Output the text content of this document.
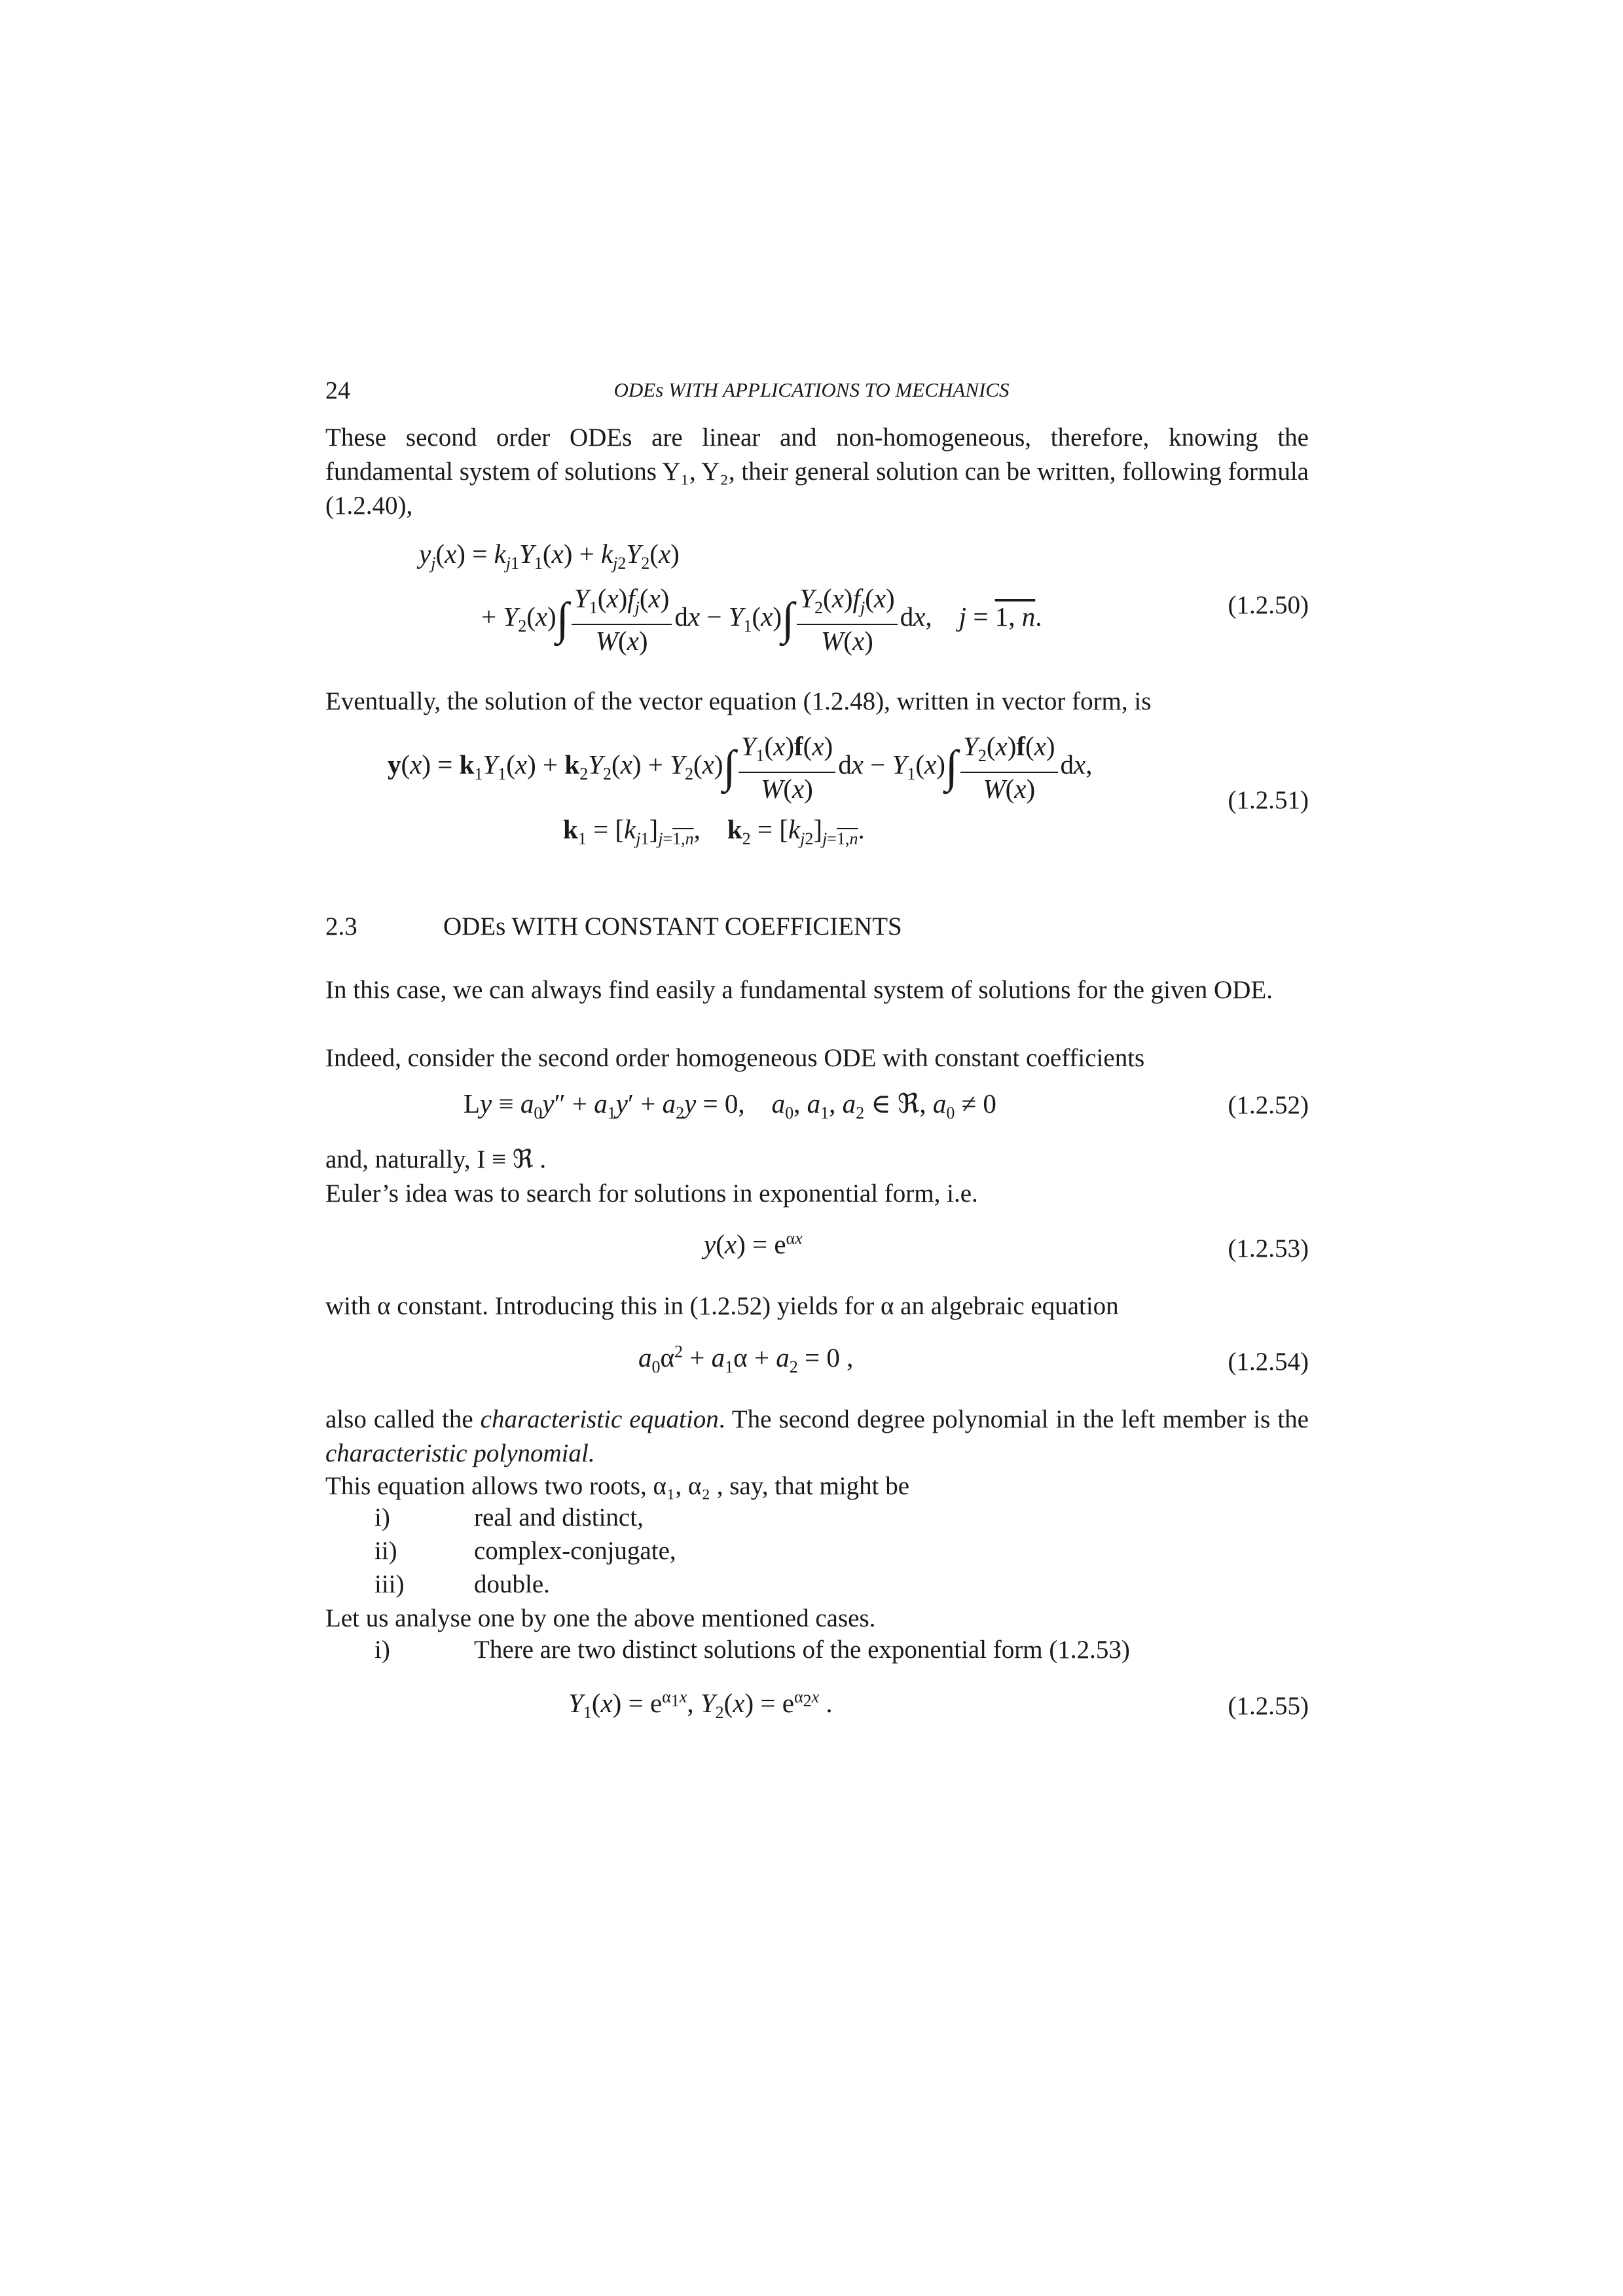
24	ODEs WITH APPLICATIONS TO MECHANICS
These second order ODEs are linear and non-homogeneous, therefore, knowing the fundamental system of solutions Y₁, Y₂, their general solution can be written, following formula (1.2.40),
$y_j(x) = k_{j1}Y_1(x) + k_{j2}Y_2(x)$
+ $Y_2(x)\int \frac{Y_1(x)f_j(x)}{W(x)}$ dx − $Y_1(x)\int \frac{Y_2(x)f_j(x)}{W(x)}$ dx,    j = 1, n.	(1.2.50)
Eventually, the solution of the vector equation (1.2.48), written in vector form, is
$y(x) = k_1Y_1(x) + k_2Y_2(x) + Y_2(x)\int \frac{Y_1(x)f(x)}{W(x)}$ dx − $Y_1(x)\int \frac{Y_2(x)f(x)}{W(x)}$ dx,
$k_1 = [k_{j1}]_{j=1,n}$,    $k_2 = [k_{j2}]_{j=1,n}$.
(1.2.51)
2.3	ODEs WITH CONSTANT COEFFICIENTS
In this case, we can always find easily a fundamental system of solutions for the given ODE.
Indeed, consider the second order homogeneous ODE with constant coefficients
$Ly \equiv a_0y'' + a_1y' + a_2y = 0$,    $a_0$, $a_1$, $a_2$ ∈ ℜ, $a_0 \ne 0$	(1.2.52)
and, naturally, I ≡ ℜ .
Euler’s idea was to search for solutions in exponential form, i.e.
$y(x) = e^{\alpha x}$	(1.2.53)
with α constant. Introducing this in (1.2.52) yields for α an algebraic equation
$a_0\alpha^2 + a_1\alpha + a_2 = 0$ ,	(1.2.54)
also called the characteristic equation. The second degree polynomial in the left member is the characteristic polynomial.
This equation allows two roots, α₁, α₂ , say, that might be
i)	real and distinct,
ii)	complex-conjugate,
iii)	double.
Let us analyse one by one the above mentioned cases.
i)	There are two distinct solutions of the exponential form (1.2.53)
$Y_1(x) = e^{\alpha_1x}$, $Y_2(x) = e^{\alpha_2x}$ .	(1.2.55)
